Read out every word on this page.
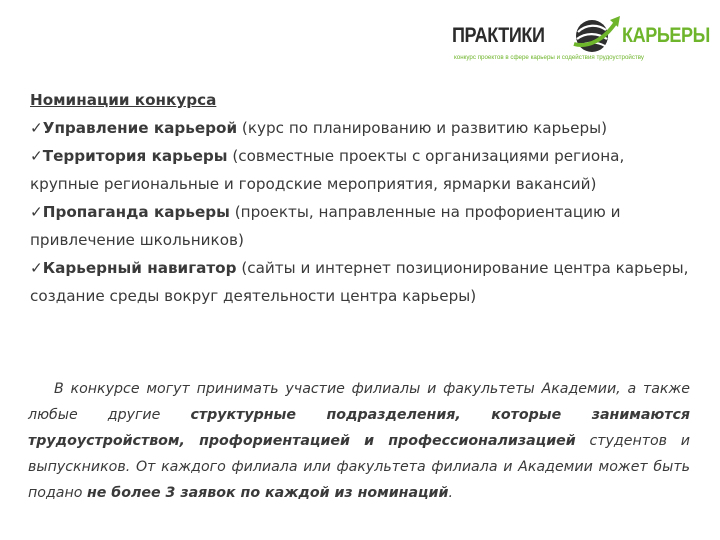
ПРАКТИКИ	КАРЬЕРЫ
конкурс проектов в сфере карьеры и содействия трудоустройству
Номинации конкурса

✓Управление карьерой (курс по планированию и развитию карьеры)

✓Территория карьеры (совместные проекты с организациями региона, крупные региональные и городские мероприятия, ярмарки вакансий)

✓Пропаганда карьеры (проекты, направленные на профориентацию и привлечение школьников)

✓Карьерный навигатор (сайты и интернет позиционирование центра карьеры, создание среды вокруг деятельности центра карьеры)

В конкурсе могут принимать участие филиалы и факультеты Академии, а также любые другие структурные подразделения, которые занимаются трудоустройством, профориентацией и профессионализацией студентов и выпускников. От каждого филиала или факультета филиала и Академии может быть подано не более 3 заявок по каждой из номинаций.
